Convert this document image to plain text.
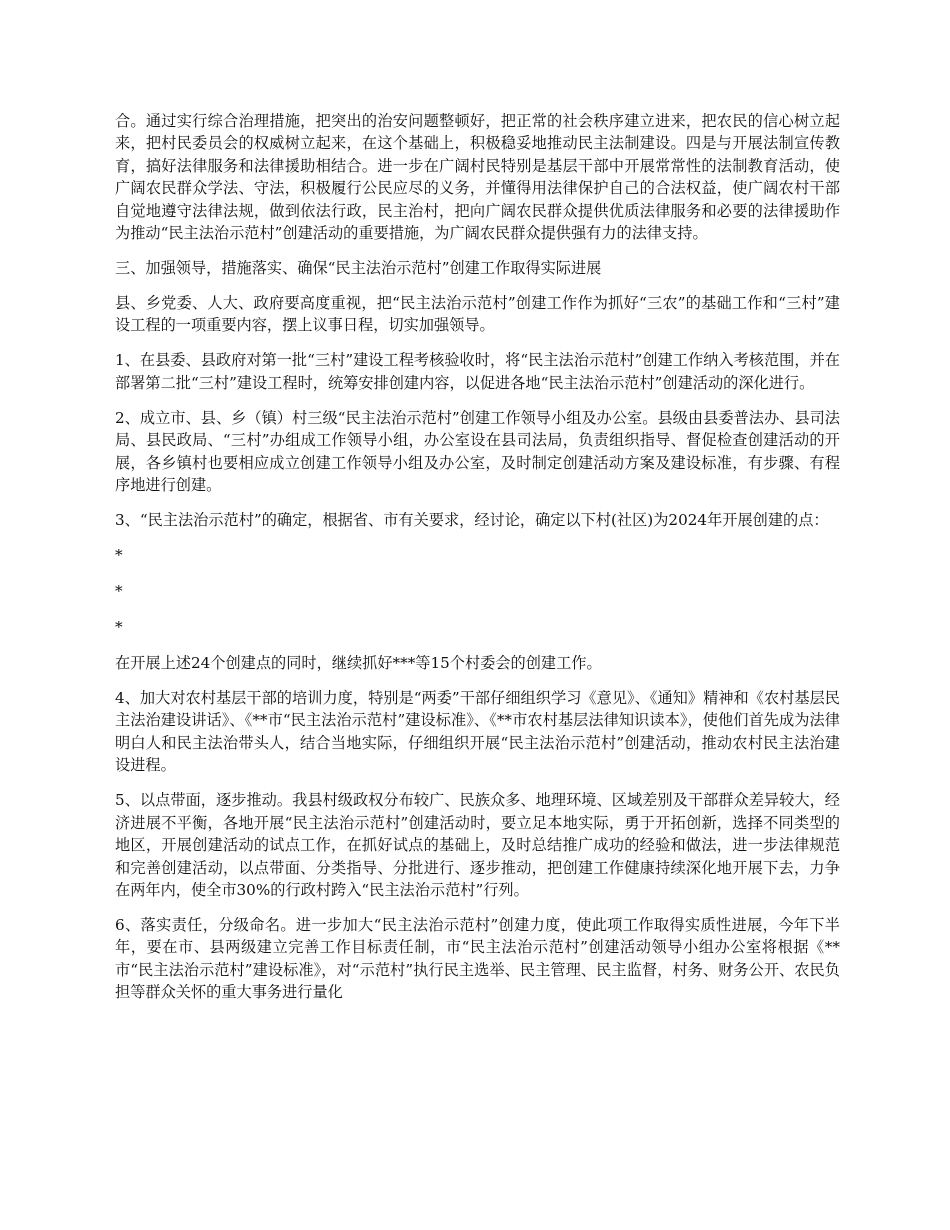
合。通过实行综合治理措施，把突出的治安问题整顿好，把正常的社会秩序建立进来，把农民的信心树立起来，把村民委员会的权威树立起来，在这个基础上，积极稳妥地推动民主法制建设。四是与开展法制宣传教育，搞好法律服务和法律援助相结合。进一步在广阔村民特别是基层干部中开展常常性的法制教育活动，使广阔农民群众学法、守法，积极履行公民应尽的义务，并懂得用法律保护自己的合法权益，使广阔农村干部自觉地遵守法律法规，做到依法行政，民主治村，把向广阔农民群众提供优质法律服务和必要的法律援助作为推动“民主法治示范村”创建活动的重要措施，为广阔农民群众提供强有力的法律支持。

三、加强领导，措施落实、确保“民主法治示范村”创建工作取得实际进展

县、乡党委、人大、政府要高度重视，把“民主法治示范村”创建工作作为抓好“三农”的基础工作和“三村”建设工程的一项重要内容，摆上议事日程，切实加强领导。

1、在县委、县政府对第一批“三村”建设工程考核验收时，将“民主法治示范村”创建工作纳入考核范围，并在部署第二批“三村”建设工程时，统筹安排创建内容，以促进各地“民主法治示范村”创建活动的深化进行。

2、成立市、县、乡（镇）村三级“民主法治示范村”创建工作领导小组及办公室。县级由县委普法办、县司法局、县民政局、“三村”办组成工作领导小组，办公室设在县司法局，负责组织指导、督促检查创建活动的开展，各乡镇村也要相应成立创建工作领导小组及办公室，及时制定创建活动方案及建设标准，有步骤、有程序地进行创建。

3、“民主法治示范村”的确定，根据省、市有关要求，经讨论，确定以下村(社区)为2024年开展创建的点：

*

*

*

在开展上述24个创建点的同时，继续抓好***等15个村委会的创建工作。

4、加大对农村基层干部的培训力度，特别是“两委”干部仔细组织学习《意见》、《通知》精神和《农村基层民主法治建设讲话》、《**市“民主法治示范村”建设标准》、《**市农村基层法律知识读本》，使他们首先成为法律明白人和民主法治带头人，结合当地实际，仔细组织开展“民主法治示范村”创建活动，推动农村民主法治建设进程。

5、以点带面，逐步推动。我县村级政权分布较广、民族众多、地理环境、区域差别及干部群众差异较大，经济进展不平衡，各地开展“民主法治示范村”创建活动时，要立足本地实际，勇于开拓创新，选择不同类型的地区，开展创建活动的试点工作，在抓好试点的基础上，及时总结推广成功的经验和做法，进一步法律规范和完善创建活动，以点带面、分类指导、分批进行、逐步推动，把创建工作健康持续深化地开展下去，力争在两年内，使全市30%的行政村跨入“民主法治示范村”行列。

6、落实责任，分级命名。进一步加大“民主法治示范村”创建力度，使此项工作取得实质性进展，今年下半年，要在市、县两级建立完善工作目标责任制，市“民主法治示范村”创建活动领导小组办公室将根据《**市“民主法治示范村”建设标准》，对“示范村”执行民主选举、民主管理、民主监督，村务、财务公开、农民负担等群众关怀的重大事务进行量化
